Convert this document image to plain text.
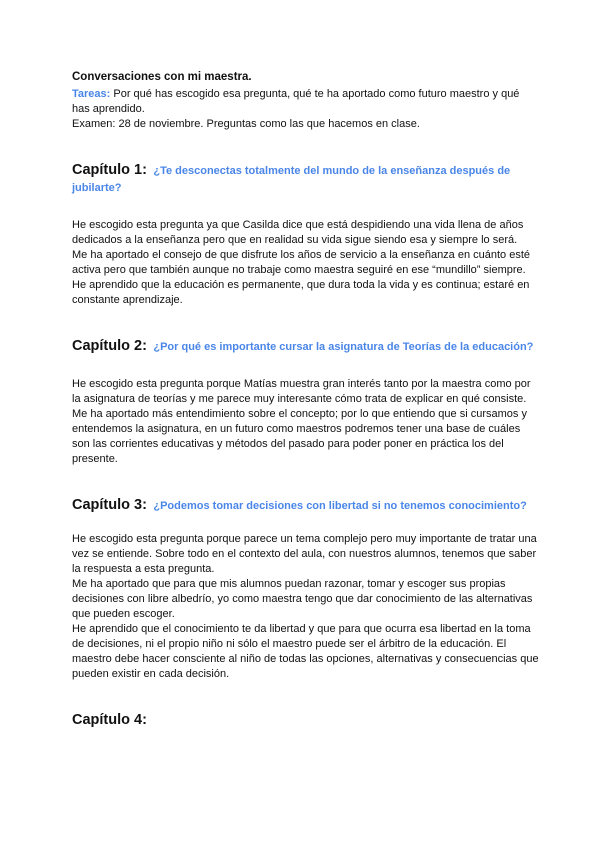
Conversaciones con mi maestra.

Tareas: Por qué has escogido esa pregunta, qué te ha aportado como futuro maestro y qué has aprendido.

Examen: 28 de noviembre. Preguntas como las que hacemos en clase.

Capítulo 1: ¿Te desconectas totalmente del mundo de la enseñanza después de jubilarte?

He escogido esta pregunta ya que Casilda dice que está despidiendo una vida llena de años dedicados a la enseñanza pero que en realidad su vida sigue siendo esa y siempre lo será.

Me ha aportado el consejo de que disfrute los años de servicio a la enseñanza en cuánto esté activa pero que también aunque no trabaje como maestra seguiré en ese “mundillo” siempre.

He aprendido que la educación es permanente, que dura toda la vida y es continua; estaré en constante aprendizaje.

Capítulo 2: ¿Por qué es importante cursar la asignatura de Teorías de la educación?

He escogido esta pregunta porque Matías muestra gran interés tanto por la maestra como por la asignatura de teorías y me parece muy interesante cómo trata de explicar en qué consiste.

Me ha aportado más entendimiento sobre el concepto; por lo que entiendo que si cursamos y entendemos la asignatura, en un futuro como maestros podremos tener una base de cuáles son las corrientes educativas y métodos del pasado para poder poner en práctica los del presente.

Capítulo 3: ¿Podemos tomar decisiones con libertad si no tenemos conocimiento?

He escogido esta pregunta porque parece un tema complejo pero muy importante de tratar una vez se entiende. Sobre todo en el contexto del aula, con nuestros alumnos, tenemos que saber la respuesta a esta pregunta.

Me ha aportado que para que mis alumnos puedan razonar, tomar y escoger sus propias decisiones con libre albedrío, yo como maestra tengo que dar conocimiento de las alternativas que pueden escoger.

He aprendido que el conocimiento te da libertad y que para que ocurra esa libertad en la toma de decisiones, ni el propio niño ni sólo el maestro puede ser el árbitro de la educación. El maestro debe hacer consciente al niño de todas las opciones, alternativas y consecuencias que pueden existir en cada decisión.

Capítulo 4:
